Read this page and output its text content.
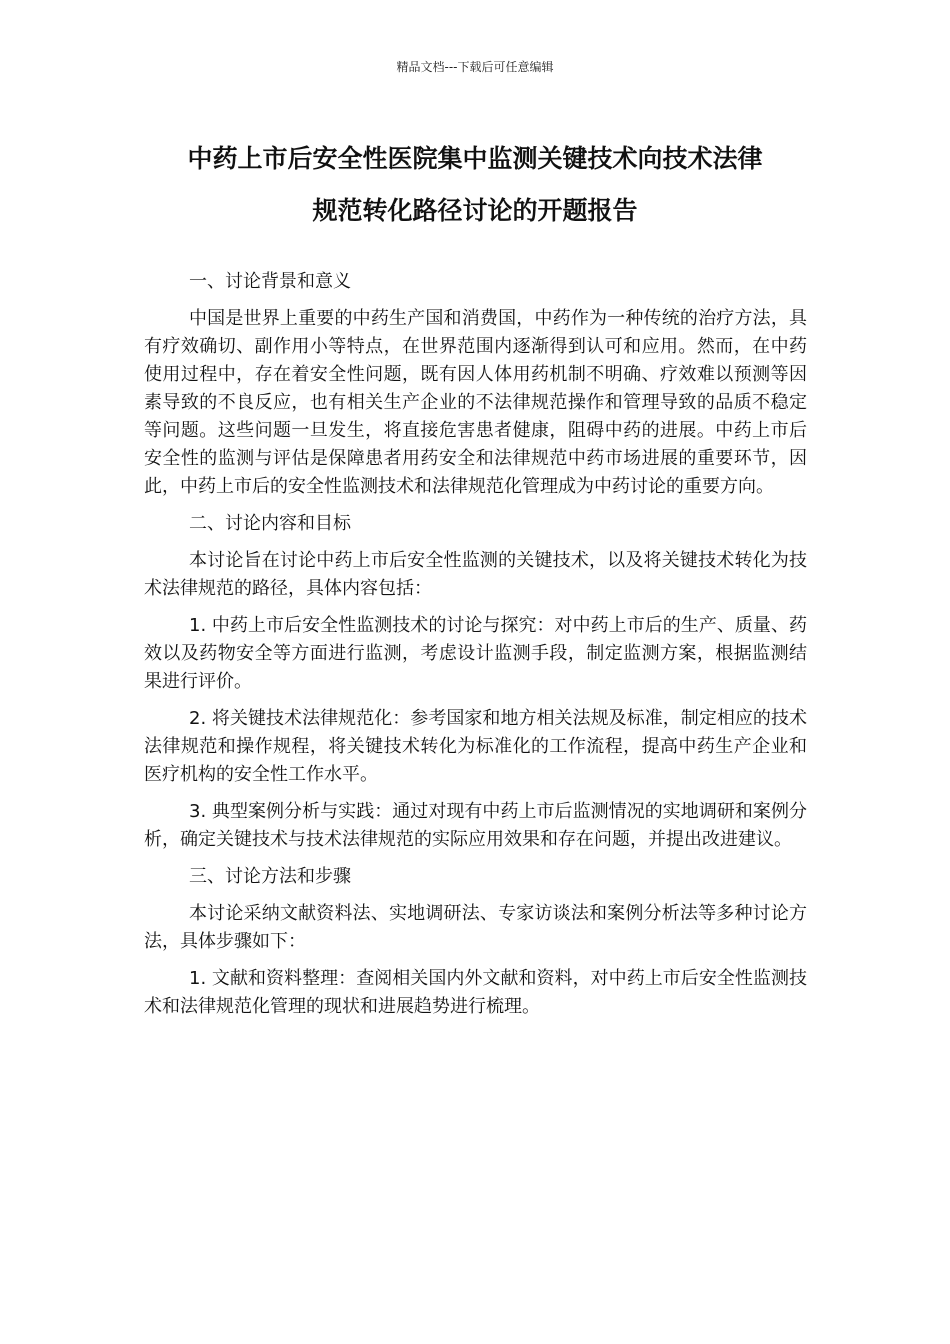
精品文档---下载后可任意编辑
中药上市后安全性医院集中监测关键技术向技术法律
规范转化路径讨论的开题报告

一、讨论背景和意义

中国是世界上重要的中药生产国和消费国，中药作为一种传统的治疗方法，具有疗效确切、副作用小等特点，在世界范围内逐渐得到认可和应用。然而，在中药使用过程中，存在着安全性问题，既有因人体用药机制不明确、疗效难以预测等因素导致的不良反应，也有相关生产企业的不法律规范操作和管理导致的品质不稳定等问题。这些问题一旦发生，将直接危害患者健康，阻碍中药的进展。中药上市后安全性的监测与评估是保障患者用药安全和法律规范中药市场进展的重要环节，因此，中药上市后的安全性监测技术和法律规范化管理成为中药讨论的重要方向。

二、讨论内容和目标

本讨论旨在讨论中药上市后安全性监测的关键技术，以及将关键技术转化为技术法律规范的路径，具体内容包括：

1. 中药上市后安全性监测技术的讨论与探究：对中药上市后的生产、质量、药效以及药物安全等方面进行监测，考虑设计监测手段，制定监测方案，根据监测结果进行评价。

2. 将关键技术法律规范化：参考国家和地方相关法规及标准，制定相应的技术法律规范和操作规程，将关键技术转化为标准化的工作流程，提高中药生产企业和医疗机构的安全性工作水平。

3. 典型案例分析与实践：通过对现有中药上市后监测情况的实地调研和案例分析，确定关键技术与技术法律规范的实际应用效果和存在问题，并提出改进建议。

三、讨论方法和步骤

本讨论采纳文献资料法、实地调研法、专家访谈法和案例分析法等多种讨论方法，具体步骤如下：

1. 文献和资料整理：查阅相关国内外文献和资料，对中药上市后安全性监测技术和法律规范化管理的现状和进展趋势进行梳理。
